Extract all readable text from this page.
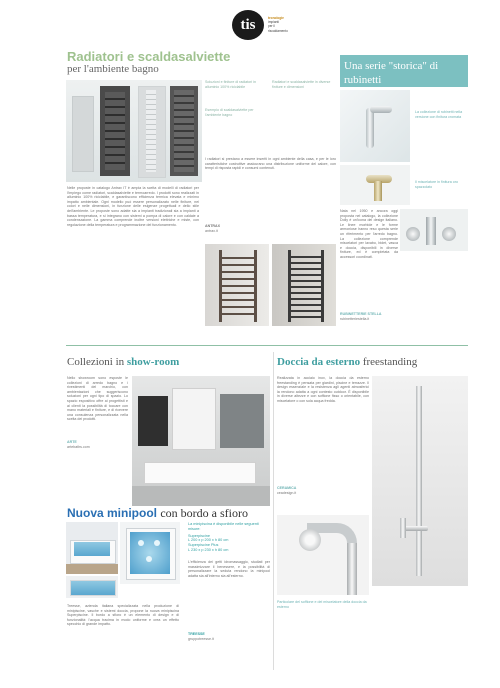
tis	tecnologie
impianti
per il
riscaldamento
Radiatori e scaldasalviette
per l'ambiente bagno
Soluzioni e finiture di radiatori in alluminio 100% riciclabile
Esempio di scaldasalviette per l'ambiente bagno
Radiatori e scaldasalviette in diverse finiture e dimensioni
Nelle proposte in catalogo Antrax IT è ampia la scelta di modelli di radiatori per l'impiego come radiatori, scaldasalviette e termoarredo. I prodotti sono realizzati in alluminio 100% riciclabile, e garantiscono efficienza termica elevata e minimo impatto ambientale. Ogni modello può essere personalizzato nelle finiture, nei colori e nelle dimensioni, in funzione delle esigenze progettuali e dello stile dell'ambiente. Le proposte sono adatte sia a impianti tradizionali sia a impianti a bassa temperatura, e si integrano con sistemi a pompa di calore e con caldaie a condensazione. La gamma comprende inoltre versioni elettriche e miste, con regolazione della temperatura e programmazione del funzionamento.
I radiatori si prestano a essere inseriti in ogni ambiente della casa, e per le loro caratteristiche costruttive assicurano una distribuzione uniforme del calore, con tempi di risposta rapidi e consumi contenuti.
ANTRAX
antrax.it
Una serie "storica" di
rubinetti
La collezione di rubinetti nella versione con finitura cromata
Il miscelatore in finitura oro spazzolato
Nata nel 1950 e ancora oggi proposta nel catalogo, la collezione Dolly è un'icona del design italiano. Le linee morbide e le forme armoniose hanno reso questa serie un riferimento per l'arredo bagno. La collezione comprende miscelatori per lavabo, bidet, vasca e doccia, disponibili in diverse finiture, ed è completata da accessori coordinati.
RUBINETTERIE STELLA
rubinetteriestella.it
Collezioni in show-room
Nello showroom sono esposte le collezioni di arredo bagno e i rivestimenti del marchio, con ambientazioni che suggeriscono soluzioni per ogni tipo di spazio. Lo spazio espositivo offre ai progettisti e ai clienti la possibilità di toccare con mano materiali e finiture, e di ricevere una consulenza personalizzata nella scelta dei prodotti.
ARTE
artebaths.com
Doccia da esterno freestanding
Realizzata in acciaio inox, la doccia da esterno freestanding è pensata per giardini, piscine e terrazze. Il design essenziale e la resistenza agli agenti atmosferici la rendono adatta a ogni contesto outdoor. È disponibile in diverse altezze e con soffione fisso o orientabile, con miscelatore o con sola acqua fredda.
CERAMICA
ceadesign.it
Particolare del soffione e del miscelatore della doccia da esterno
Nuova minipool con bordo a sfioro
La minipiscina è disponibile nelle seguenti misure:
Superpiscine
L 200 x p 200 x h 80 cm
Superpiscine Plus
L 230 x p 230 x h 80 cm
Treesse, azienda italiana specializzata nella produzione di minipiscine, vasche e sistemi doccia, propone la nuova minipiscina Superpiscine. Il bordo a sfioro è un elemento di design e di funzionalità: l'acqua tracima in modo uniforme e crea un effetto specchio di grande impatto.
L'efficienza dei getti idromassaggio, studiati per massimizzare il benessere, e la possibilità di personalizzare la seduta rendono la minipool adatta sia all'interno sia all'esterno.
TREESSE
gruppotreesse.it
